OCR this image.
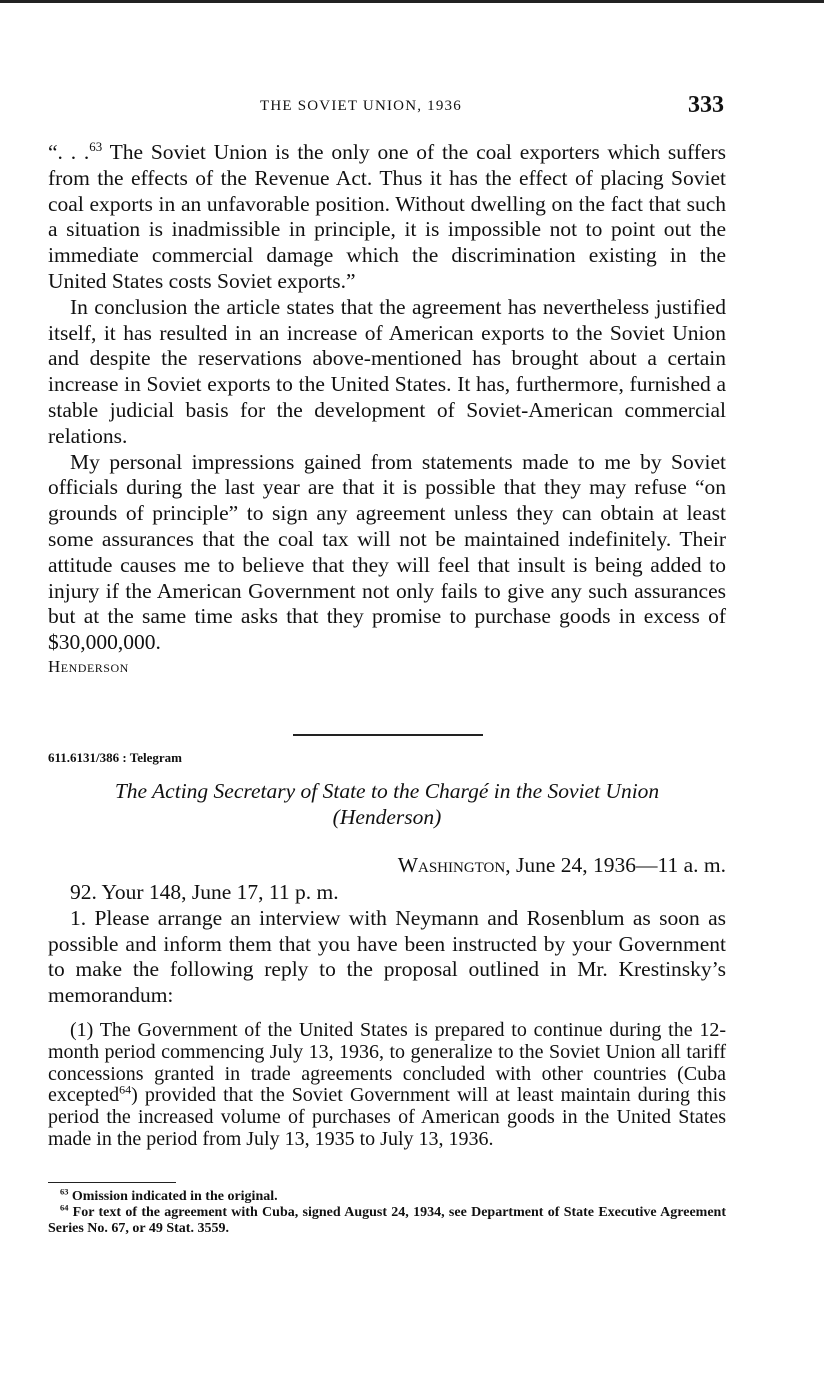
THE SOVIET UNION, 1936	333

“. . .$^{63}$ The Soviet Union is the only one of the coal exporters which suffers from the effects of the Revenue Act. Thus it has the effect of placing Soviet coal exports in an unfavorable position. Without dwelling on the fact that such a situation is inadmissible in principle, it is impossible not to point out the immediate commercial damage which the discrimination existing in the United States costs Soviet exports.”

In conclusion the article states that the agreement has nevertheless justified itself, it has resulted in an increase of American exports to the Soviet Union and despite the reservations above-mentioned has brought about a certain increase in Soviet exports to the United States. It has, furthermore, furnished a stable judicial basis for the development of Soviet-American commercial relations.

My personal impressions gained from statements made to me by Soviet officials during the last year are that it is possible that they may refuse “on grounds of principle” to sign any agreement unless they can obtain at least some assurances that the coal tax will not be maintained indefinitely. Their attitude causes me to believe that they will feel that insult is being added to injury if the American Government not only fails to give any such assurances but at the same time asks that they promise to purchase goods in excess of $30,000,000.

Henderson

611.6131/386 : Telegram
The Acting Secretary of State to the Chargé in the Soviet Union
(Henderson)
Washington, June 24, 1936—11 a. m.

92. Your 148, June 17, 11 p. m.

1. Please arrange an interview with Neymann and Rosenblum as soon as possible and inform them that you have been instructed by your Government to make the following reply to the proposal outlined in Mr. Krestinsky’s memorandum:

(1) The Government of the United States is prepared to continue during the 12-month period commencing July 13, 1936, to generalize to the Soviet Union all tariff concessions granted in trade agreements concluded with other countries (Cuba excepted$^{64}$) provided that the Soviet Government will at least maintain during this period the increased volume of purchases of American goods in the United States made in the period from July 13, 1935 to July 13, 1936.

$^{63}$ Omission indicated in the original.

$^{64}$ For text of the agreement with Cuba, signed August 24, 1934, see Department of State Executive Agreement Series No. 67, or 49 Stat. 3559.
